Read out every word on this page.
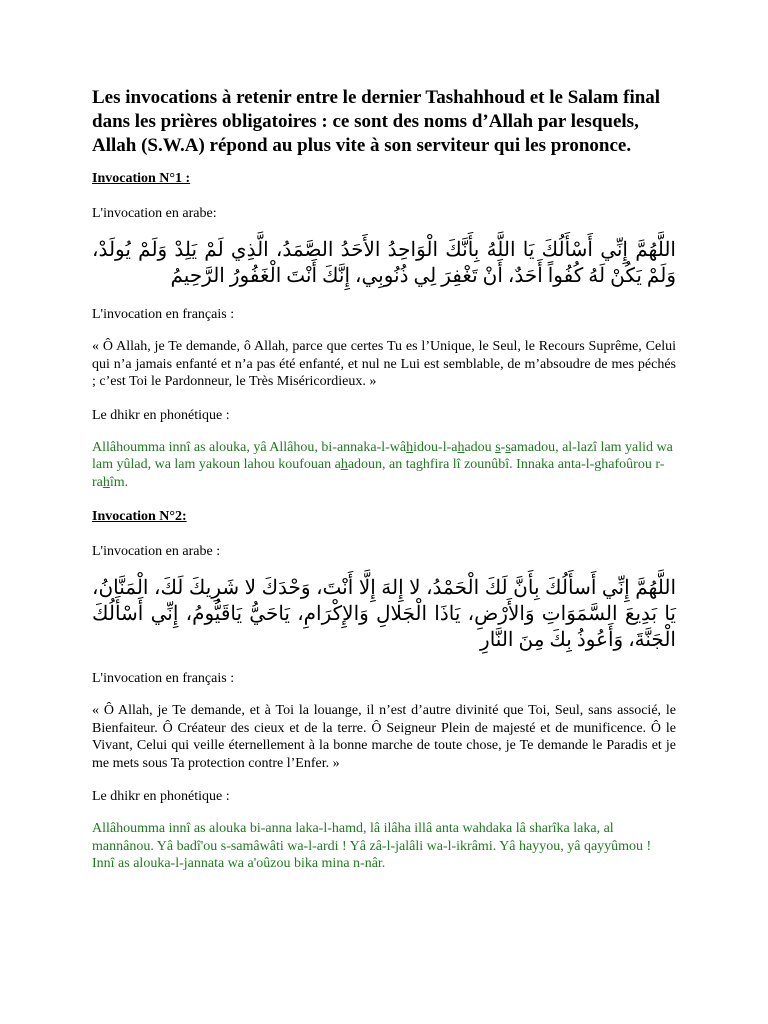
Les invocations à retenir entre le dernier Tashahhoud et le Salam final dans les prières obligatoires : ce sont des noms d’Allah par lesquels, Allah (S.W.A) répond au plus vite à son serviteur qui les prononce.
Invocation N°1 :
L'invocation en arabe:
اللَّهُمَّ إِنِّي أَسْأَلُكَ يَا اللَّهُ بِأَنَّكَ الْوَاحِدُ الأَحَدُ الصَّمَدُ، الَّذِي لَمْ يَلِدْ وَلَمْ يُولَدْ، وَلَمْ يَكُنْ لَهُ كُفُواً أَحَدٌ، أَنْ تَغْفِرَ لِي ذُنُوبِي، إِنَّكَ أَنْتَ الْغَفُورُ الرَّحِيمُ
L'invocation en français :
« Ô Allah, je Te demande, ô Allah, parce que certes Tu es l’Unique, le Seul, le Recours Suprême, Celui qui n’a jamais enfanté et n’a pas été enfanté, et nul ne Lui est semblable, de m’absoudre de mes péchés ; c’est Toi le Pardonneur, le Très Miséricordieux. »
Le dhikr en phonétique :
Allâhoumma innî as alouka, yâ Allâhou, bi-annaka-l-wâhidou-l-ahadou s-samadou, al-lazî lam yalid wa lam yûlad, wa lam yakoun lahou koufouan ahadoun, an taghfira lî zounûbî. Innaka anta-l-ghafoûrou r-rahîm.
Invocation N°2:
L'invocation en arabe :
اللَّهُمَّ إِنِّي أَسأَلُكَ بِأَنَّ لَكَ الْحَمْدُ، لا إِلهَ إِلَّا أَنْتَ، وَحْدَكَ لا شَرِيكَ لَكَ، الْمَنَّانُ، يَا بَدِيعَ السَّمَوَاتِ وَالأَرْضِ، يَاذَا الْجَلالِ وَالإِكْرَامِ، يَاحَيُّ يَاقَيُّومُ، إِنِّي أَسْأَلُكَ الْجَنَّةَ، وَأَعُوذُ بِكَ مِنَ النَّارِ
L'invocation en français :
« Ô Allah, je Te demande, et à Toi la louange, il n’est d’autre divinité que Toi, Seul, sans associé, le Bienfaiteur. Ô Créateur des cieux et de la terre. Ô Seigneur Plein de majesté et de munificence. Ô le Vivant, Celui qui veille éternellement à la bonne marche de toute chose, je Te demande le Paradis et je me mets sous Ta protection contre l’Enfer. »
Le dhikr en phonétique :
Allâhoumma innî as alouka bi-anna laka-l-hamd, lâ ilâha illâ anta wahdaka lâ sharîka laka, al mannânou. Yâ badî'ou s-samâwâti wa-l-ardi ! Yâ zâ-l-jalâli wa-l-ikrâmi. Yâ hayyou, yâ qayyûmou ! Innî as alouka-l-jannata wa a'oûzou bika mina n-nâr.
